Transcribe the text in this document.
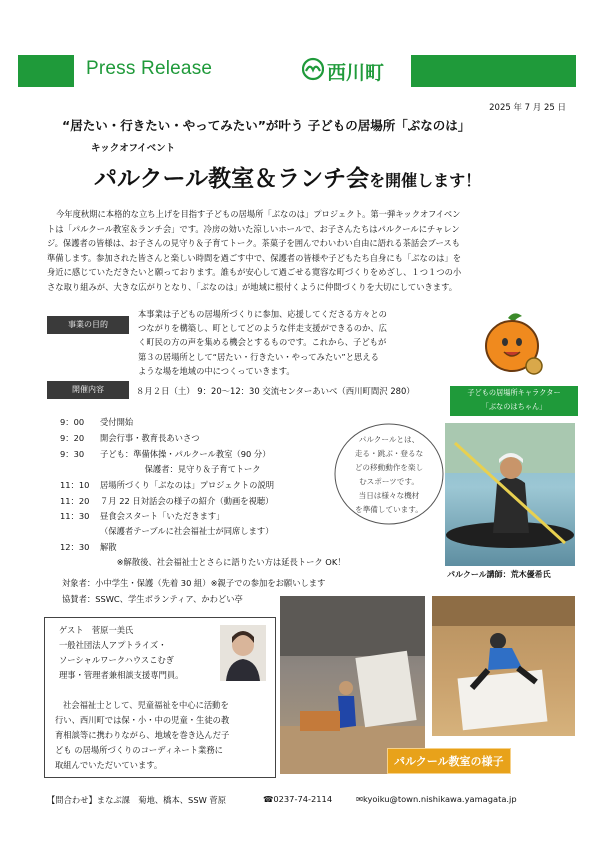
Press Release	西川町
2025 年 7 月 25 日
“居たい・行きたい・やってみたい”が叶う 子どもの居場所「ぶなのは」
キックオフイベント
パルクール教室＆ランチ会を開催します！
今年度秋期に本格的な立ち上げを目指す子どもの居場所「ぶなのは」プロジェクト。第一弾キックオフイベン
トは「パルクール教室＆ランチ会」です。冷房の効いた涼しいホールで、お子さんたちはパルクールにチャレン
ジ。保護者の皆様は、お子さんの見守り＆子育てトーク。茶菓子を囲んでわいわい自由に語れる茶話会ブースも
準備します。参加された皆さんと楽しい時間を過ごす中で、保護者の皆様や子どもたち自身にも「ぶなのは」を
身近に感じていただきたいと願っております。誰もが安心して過ごせる寛容な町づくりをめざし、１つ１つの小
さな取り組みが、大きな広がりとなり、「ぶなのは」が地域に根付くように仲間づくりを大切にしていきます。
事業の目的
本事業は子どもの居場所づくりに参加、応援してくださる方々との
つながりを構築し、町としてどのような伴走支援ができるのか、広
く町民の方の声を集める機会とするものです。これから、子どもが
第３の居場所として“居たい・行きたい・やってみたい”と思える
ような場を地域の中につくっていきます。
子どもの居場所キャラクター
「ぶなのはちゃん」
開催内容	８月２日（土） 9：20～12：30 交流センターあいべ（西川町間沢 280）
9：00 受付開始
9：20 開会行事・教育長あいさつ
9：30 子ども：準備体操・パルクール教室（90 分）
　　保護者：見守り＆子育てトーク
11：10 居場所づくり「ぶなのは」プロジェクトの説明
11：20 ７月 22 日対話会の様子の紹介（動画を視聴）
11：30 昼食会スタート「いただきます」
（保護者テーブルに社会福祉士が同席します）
12：30 解散
　　※解散後、社会福祉士とさらに語りたい方は延長トーク OK！
パルクールとは、
走る・跳ぶ・登るな
どの移動動作を楽し
むスポーツです。
当日は様々な機材
を準備しています。
パルクール講師：荒木優希氏
対象者：小中学生・保護（先着 30 組）※親子での参加をお願いします
協賛者：SSWC、学生ボランティア、かわどい亭
ゲスト　菅原一美氏
一般社団法人アプトライズ・
ソーシャルワークハウスこむぎ
理事・管理者兼相談支援専門員。
社会福祉士として、児童福祉を中心に活動を
行い、西川町では保・小・中の児童・生徒の教
育相談等に携わりながら、地域を巻き込んだ子
ども の居場所づくりのコーディネート業務に
取組んでいただいています。	パルクール教室の様子
【問合わせ】まなぶ課　菊地、橋本、SSW 菅原	☎0237-74-2114	✉kyoiku@town.nishikawa.yamagata.jp
